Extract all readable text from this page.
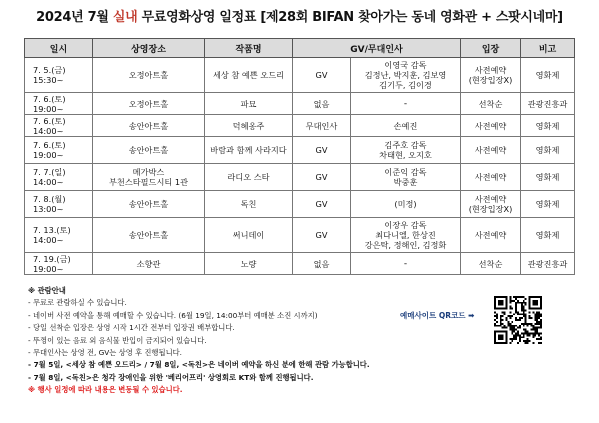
2024년 7월 실내 무료영화상영 일정표 [제28회 BIFAN 찾아가는 동네 영화관 + 스팟시네마]
일시	상영장소	작품명	GV/무대인사		입장	비고
7. 5.(금)
15:30~	오정아트홀	세상 참 예쁜 오드리	GV	이영국 감독
김정난, 박지훈, 김보영
김기두, 김이경	사전예약
(현장입장X)	영화제
7. 6.(토)
19:00~	오정아트홀	파묘	없음	-	선착순	관광진흥과
7. 6.(토)
14:00~	송안아트홀	덕혜옹주	무대인사	손예진	사전예약	영화제
7. 6.(토)
19:00~	송안아트홀	바람과 함께 사라지다	GV	김주호 감독
차태현, 오지호	사전예약	영화제
7. 7.(일)
14:00~	메가박스
부천스타필드시티 1관	라디오 스타	GV	이준익 감독
박중훈	사전예약	영화제
7. 8.(월)
13:00~	송안아트홀	독친	GV	(미정)	사전예약
(현장입장X)	영화제
7. 13.(토)
14:00~	송안아트홀	써니데이	GV	이장우 감독
최다니엘, 한상진
강은탁, 정해인, 김정화	사전예약	영화제
7. 19.(금)
19:00~	소향관	노량	없음	-	선착순	관광진흥과
※ 관람안내
- 무료로 관람하실 수 있습니다.
- 네이버 사전 예약을 통해 예매할 수 있습니다. (6월 19일, 14:00부터 예매분 소진 시까지)
- 당일 선착순 입장은 상영 시작 1시간 전부터 입장권 배부합니다.
- 뚜껑이 있는 음료 외 음식물 반입이 금지되어 있습니다.
- 무대인사는 상영 전, GV는 상영 후 진행됩니다.
- 7월 5일, <세상 참 예쁜 오드리> / 7월 8일, <독친>은 네이버 예약을 하신 분에 한해 관람 가능합니다.
- 7월 8일, <독친>은 청각 장애인을 위한 '베리어프리' 상영회로 KT와 함께 진행됩니다.
※ 행사 일정에 따라 내용은 변동될 수 있습니다.
예매사이트 QR코드 ➡
